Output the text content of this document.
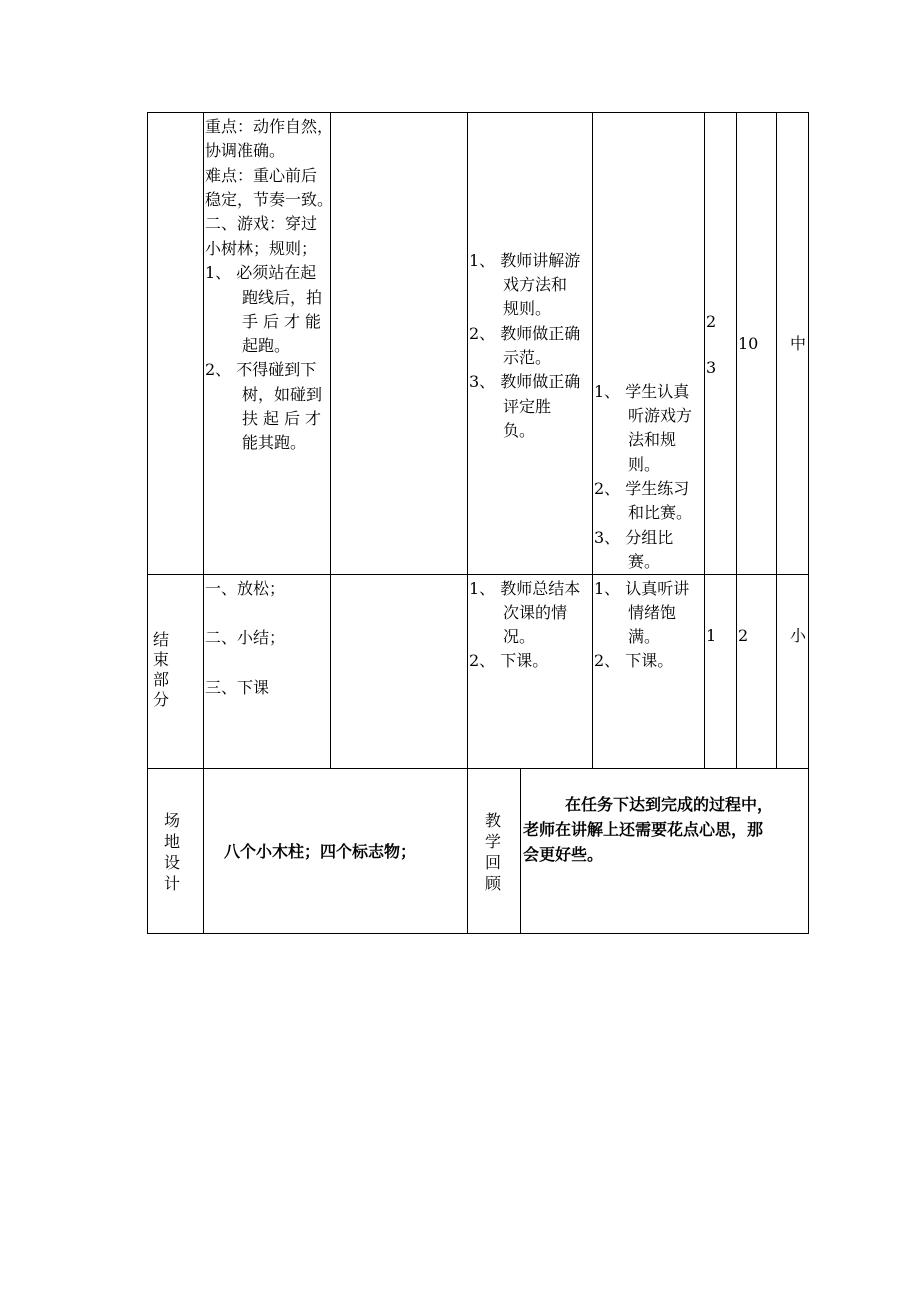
重点：动作自然，
协调准确。
难点：重心前后
稳定，节奏一致。
二、游戏：穿过
小树林；规则；
1、 必须站在起
跑线后，拍
手后才能
起跑。
2、 不得碰到下
树，如碰到
扶起后才
能其跑。
1、 教师讲解游
戏方法和
规则。
2、 教师做正确
示范。
3、 教师做正确
评定胜
负。
1、 学生认真
听游戏方
法和规
则。
2、 学生练习
和比赛。
3、 分组比
赛。
2
3
10 中
结束部分
一、放松；
二、小结；
三、下课
1、 教师总结本
次课的情
况。
2、 下课。
1、 认真听讲
情绪饱
满。
2、 下课。
1 2	小
场地设计
八个小木柱；四个标志物；
教学回顾
在任务下达到完成的过程中，
老师在讲解上还需要花点心思，那
会更好些。
